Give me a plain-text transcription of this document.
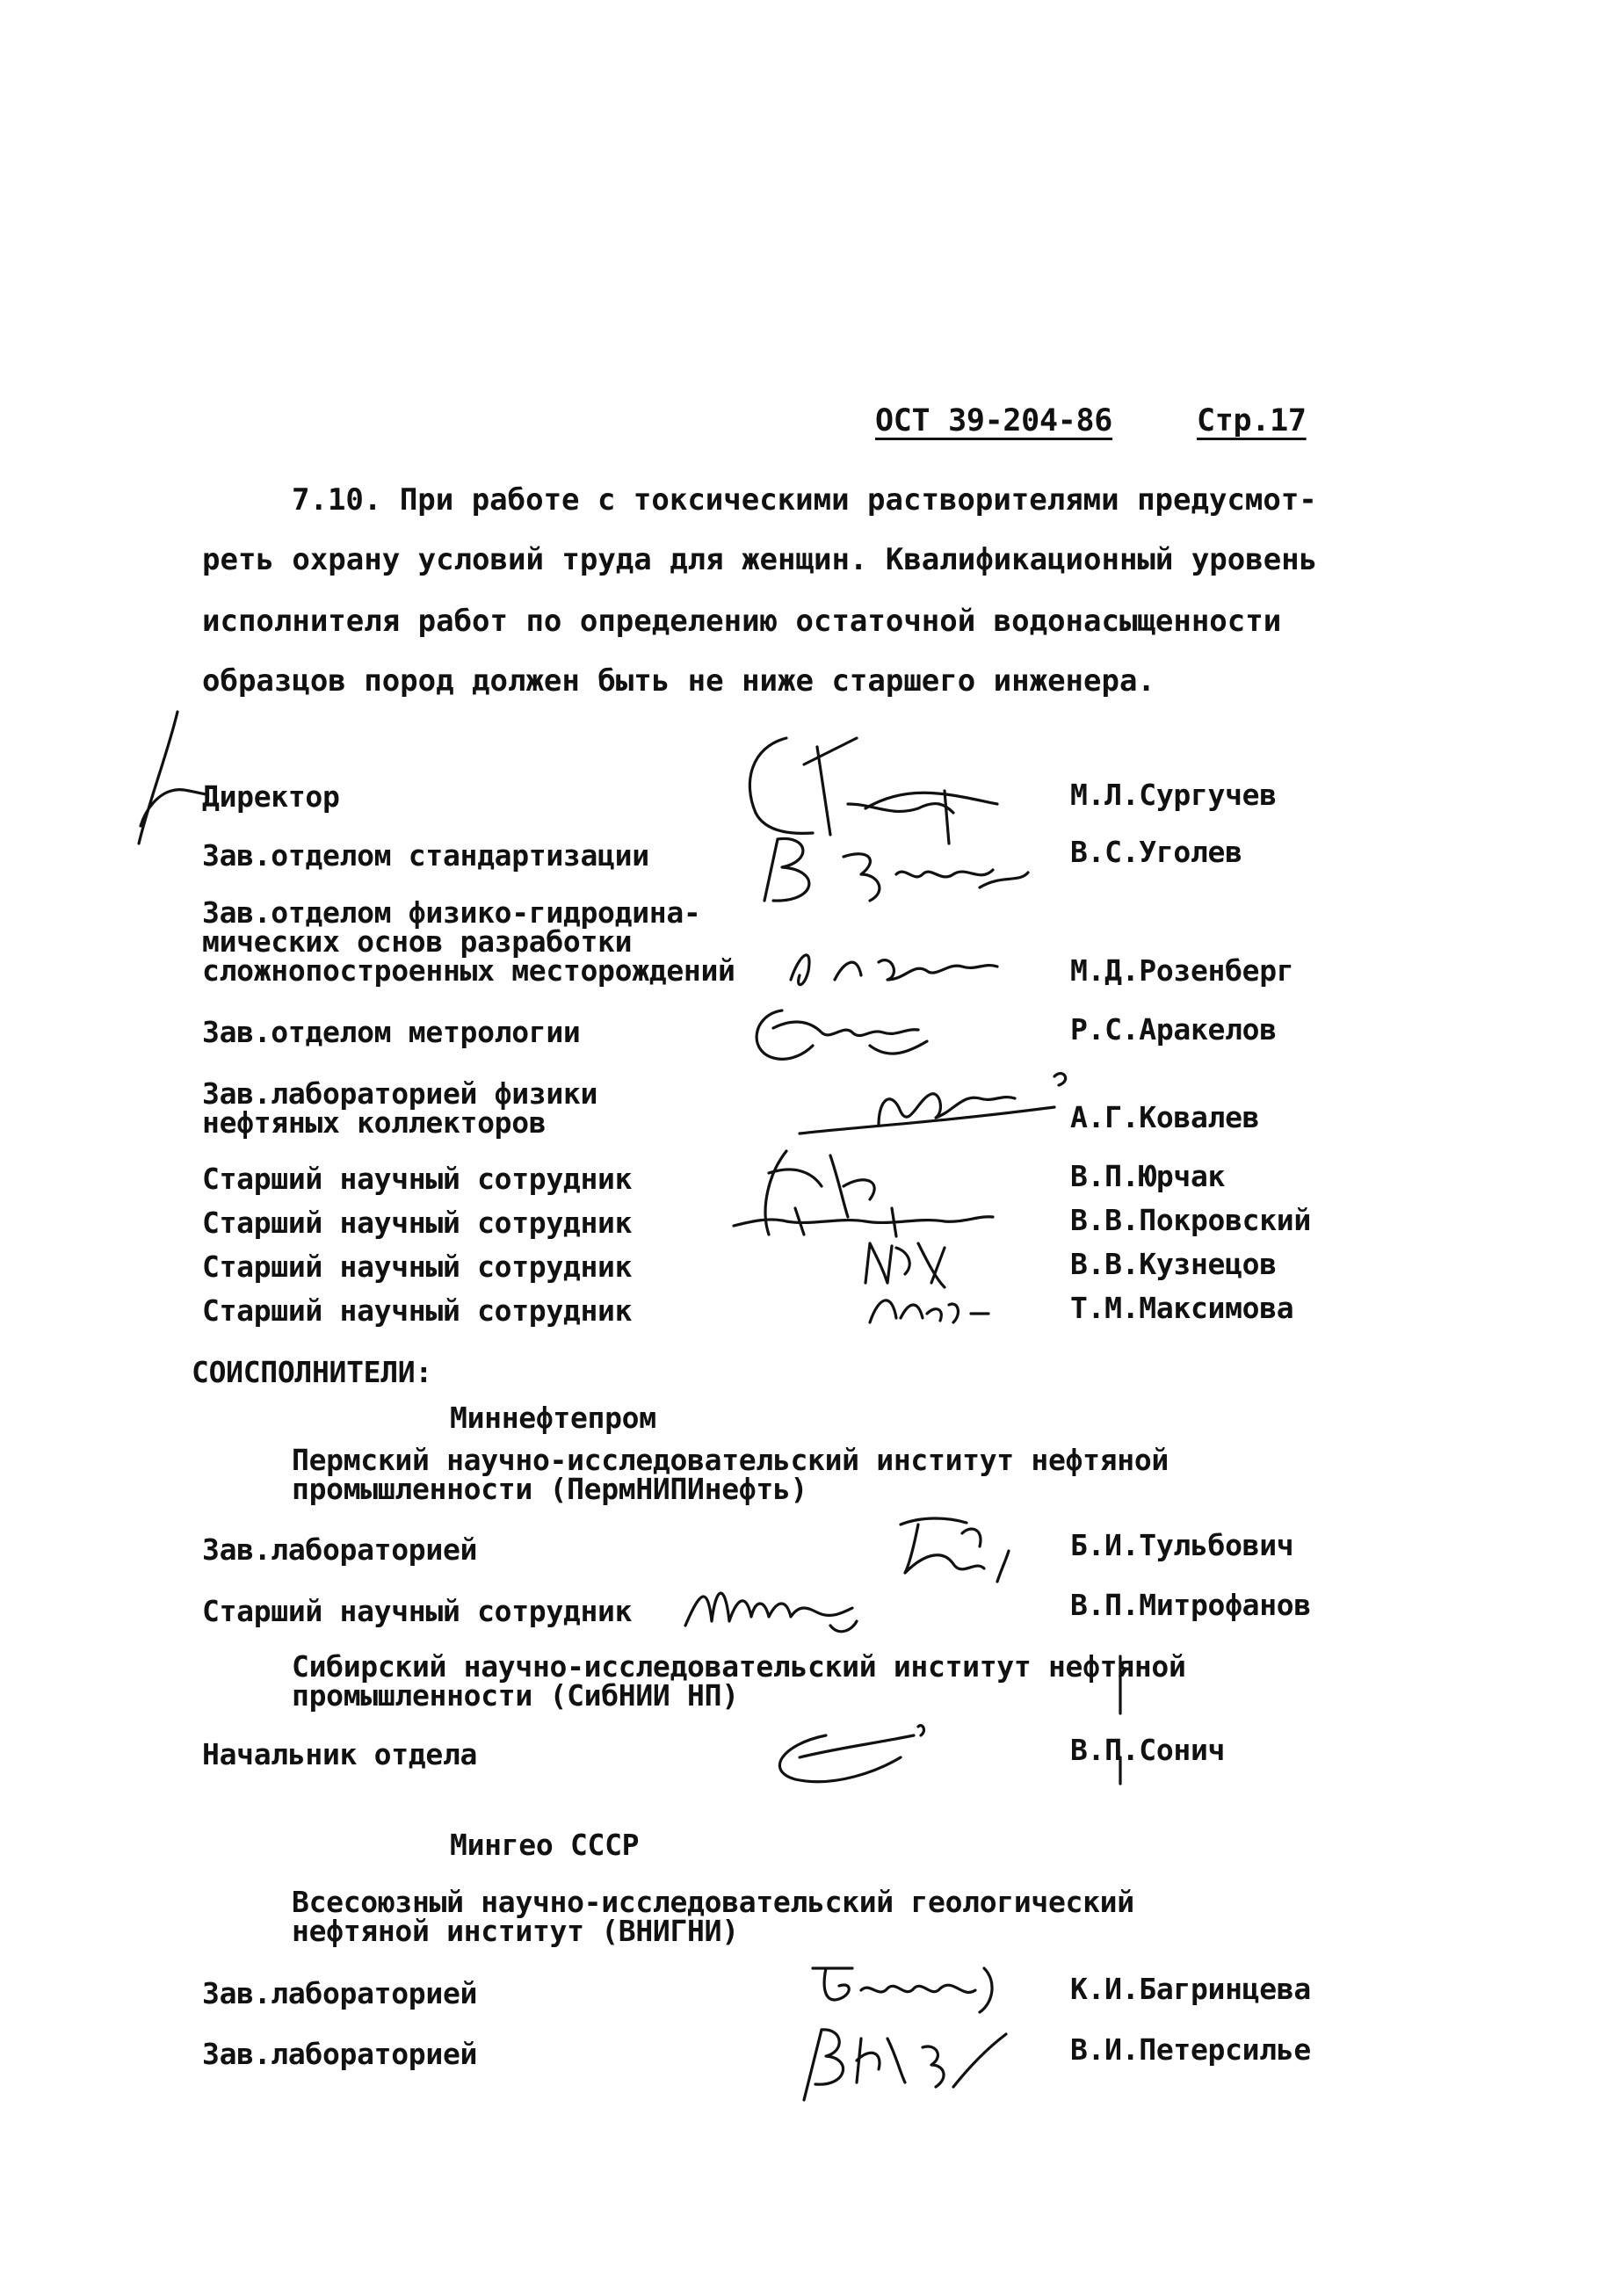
ОСТ 39-204-86	Стр.17
7.10. При работе с токсическими растворителями предусмот-
реть охрану условий труда для женщин. Квалификационный уровень
исполнителя работ по определению остаточной водонасыщенности
образцов пород должен быть не ниже старшего инженера.
Директор	М.Л.Сургучев
Зав.отделом стандартизации	В.С.Уголев
Зав.отделом физико-гидродина-
мических основ разработки
сложнопостроенных месторождений	М.Д.Розенберг
Зав.отделом метрологии	Р.С.Аракелов
Зав.лабораторией физики
нефтяных коллекторов	А.Г.Ковалев
Старший научный сотрудник	В.П.Юрчак
Старший научный сотрудник	В.В.Покровский
Старший научный сотрудник	В.В.Кузнецов
Старший научный сотрудник	Т.М.Максимова
СОИСПОЛНИТЕЛИ:
Миннефтепром
Пермский научно-исследовательский институт нефтяной
промышленности (ПермНИПИнефть)
Зав.лабораторией	Б.И.Тульбович
Старший научный сотрудник	В.П.Митрофанов
Сибирский научно-исследовательский институт нефтяной
промышленности (СибНИИ НП)
Начальник отдела	В.П.Сонич
Мингео СССР
Всесоюзный научно-исследовательский геологический
нефтяной институт (ВНИГНИ)
Зав.лабораторией	К.И.Багринцева
Зав.лабораторией	В.И.Петерсилье
